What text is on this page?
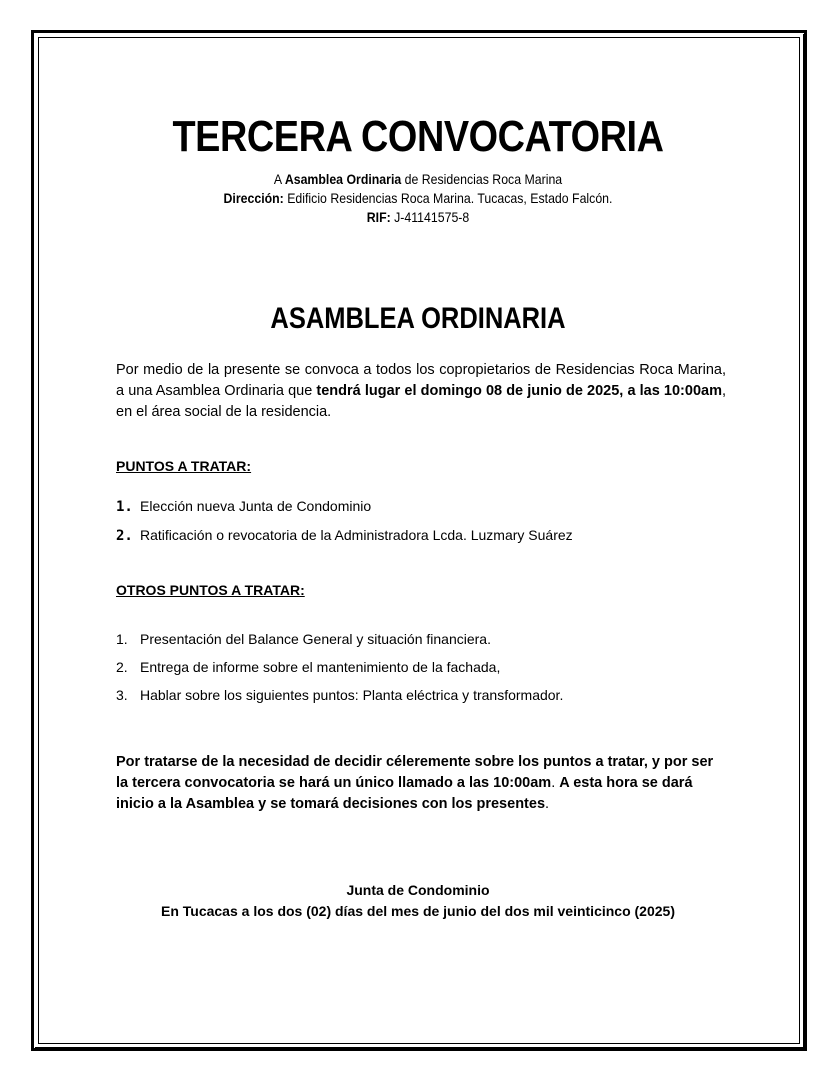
TERCERA CONVOCATORIA
A Asamblea Ordinaria de Residencias Roca Marina
Dirección: Edificio Residencias Roca Marina. Tucacas, Estado Falcón.
RIF: J-41141575-8
ASAMBLEA ORDINARIA
Por medio de la presente se convoca a todos los copropietarios de Residencias Roca Marina, a una Asamblea Ordinaria que tendrá lugar el domingo 08 de junio de 2025, a las 10:00am, en el área social de la residencia.
PUNTOS A TRATAR:
1. Elección nueva Junta de Condominio
2. Ratificación o revocatoria de la Administradora Lcda. Luzmary Suárez
OTROS PUNTOS A TRATAR:
1. Presentación del Balance General y situación financiera.
2. Entrega de informe sobre el mantenimiento de la fachada,
3. Hablar sobre los siguientes puntos: Planta eléctrica y transformador.
Por tratarse de la necesidad de decidir céleremente sobre los puntos a tratar, y por ser la tercera convocatoria se hará un único llamado a las 10:00am. A esta hora se dará inicio a la Asamblea y se tomará decisiones con los presentes.
Junta de Condominio
En Tucacas a los dos (02) días del mes de junio del dos mil veinticinco (2025)
